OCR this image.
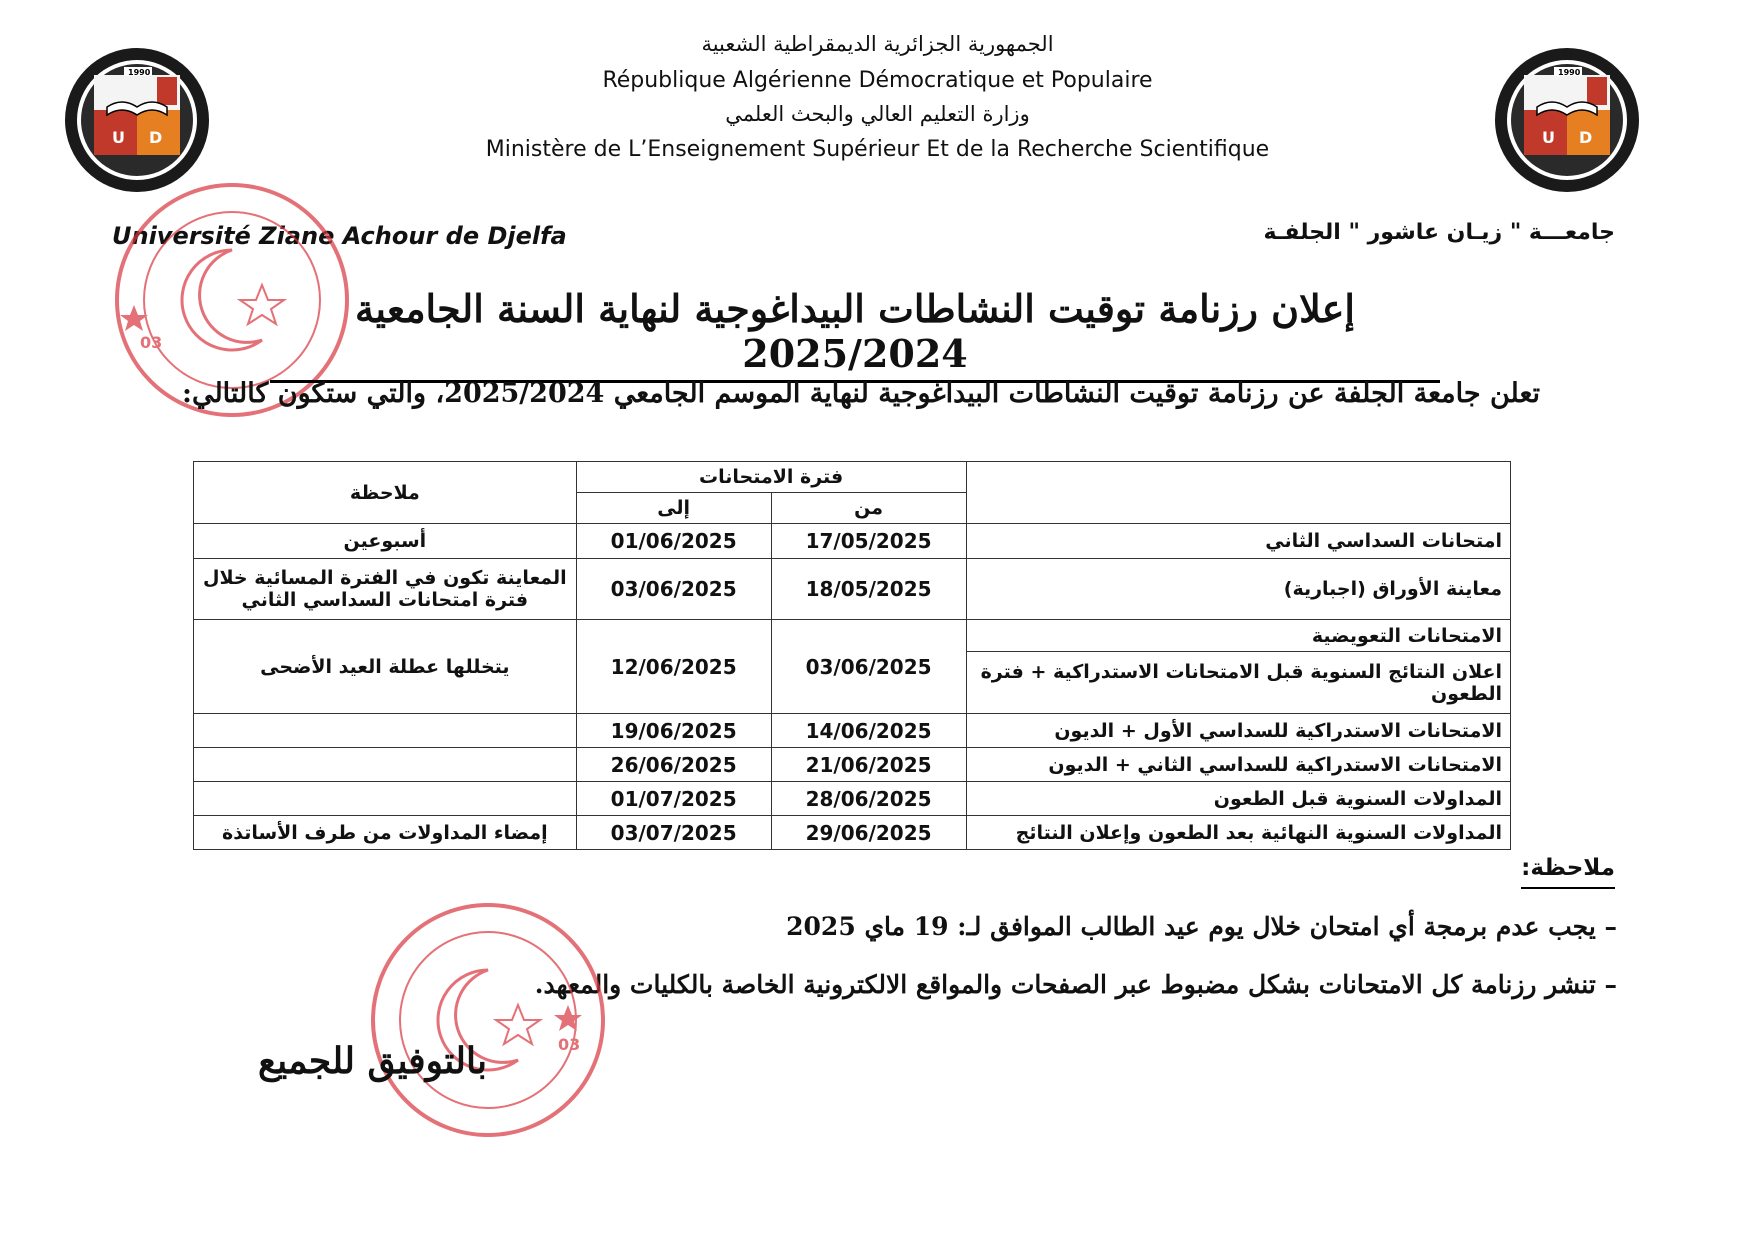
الجمهورية الجزائرية الديمقراطية الشعبية
République Algérienne Démocratique et Populaire
وزارة التعليم العالي والبحث العلمي
Ministère de L’Enseignement Supérieur Et de la Recherche Scientifique
U D
1990
U D
1990
Université Ziane Achour de Djelfa	جامعـــة " زيـان عاشور " الجلفـة
03
إعلان رزنامة توقيت النشاطات البيداغوجية لنهاية السنة الجامعية 2025/2024
تعلن جامعة الجلفة عن رزنامة توقيت النشاطات البيداغوجية لنهاية الموسم الجامعي 2025/2024، والتي ستكون كالتالي:
	فترة الامتحانات		ملاحظة
	من	إلى	
امتحانات السداسي الثاني	17/05/2025	01/06/2025	أسبوعين
معاينة الأوراق (اجبارية)	18/05/2025	03/06/2025	المعاينة تكون في الفترة المسائية خلال فترة امتحانات السداسي الثاني
الامتحانات التعويضية	03/06/2025	12/06/2025	يتخللها عطلة العيد الأضحى
اعلان النتائج السنوية قبل الامتحانات الاستدراكية + فترة الطعون			
الامتحانات الاستدراكية للسداسي الأول + الديون	14/06/2025	19/06/2025	
الامتحانات الاستدراكية للسداسي الثاني + الديون	21/06/2025	26/06/2025	
المداولات السنوية قبل الطعون	28/06/2025	01/07/2025	
المداولات السنوية النهائية بعد الطعون وإعلان النتائج	29/06/2025	03/07/2025	إمضاء المداولات من طرف الأساتذة
ملاحظة:
– يجب عدم برمجة أي امتحان خلال يوم عيد الطالب الموافق لـ: 19 ماي 2025
– تنشر رزنامة كل الامتحانات بشكل مضبوط عبر الصفحات والمواقع الالكترونية الخاصة بالكليات والمعهد.
03
بالتوفيق للجميع
